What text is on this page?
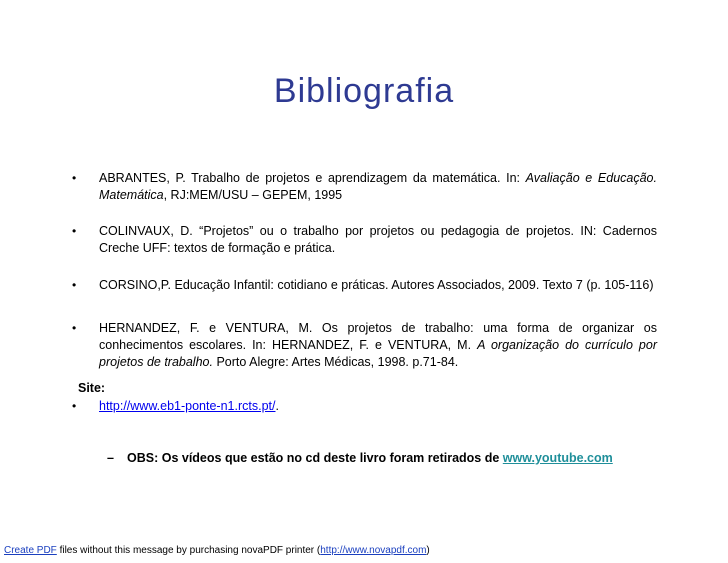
Bibliografia
• ABRANTES, P. Trabalho de projetos e aprendizagem da matemática. In: Avaliação e Educação. Matemática, RJ:MEM/USU – GEPEM, 1995
• COLINVAUX, D. “Projetos” ou o trabalho por projetos ou pedagogia de projetos. IN: Cadernos Creche UFF: textos de formação e prática.
• CORSINO,P. Educação Infantil: cotidiano e práticas. Autores Associados, 2009. Texto 7 (p. 105-116)
• HERNANDEZ, F. e VENTURA, M. Os projetos de trabalho: uma forma de organizar os conhecimentos escolares. In: HERNANDEZ, F. e VENTURA, M. A organização do currículo por projetos de trabalho. Porto Alegre: Artes Médicas, 1998. p.71-84.
Site:
• http://www.eb1-ponte-n1.rcts.pt/.
– OBS: Os vídeos que estão no cd deste livro foram retirados de www.youtube.com
Create PDF files without this message by purchasing novaPDF printer (http://www.novapdf.com)
